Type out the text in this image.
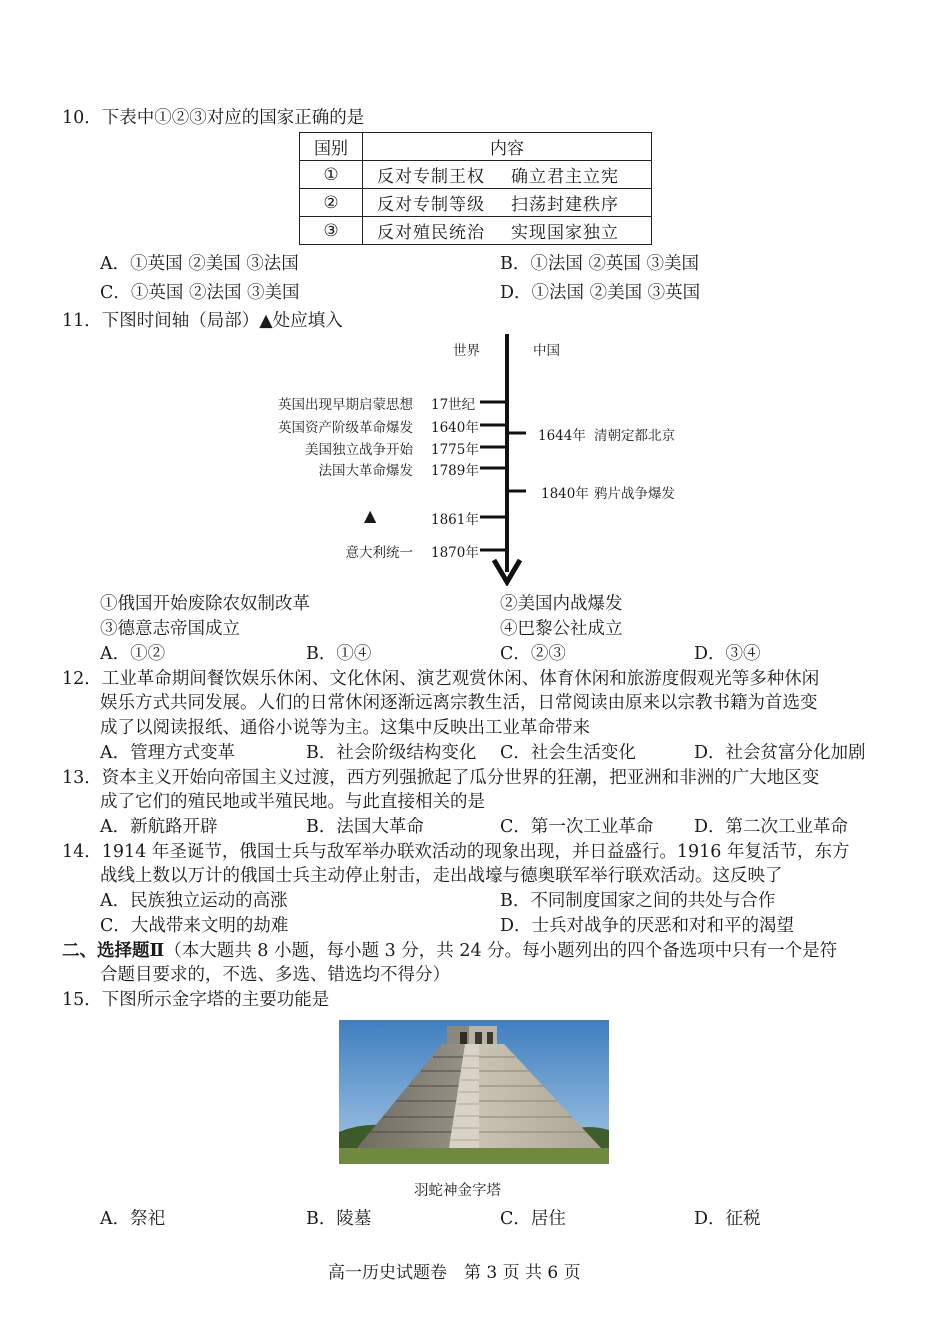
10．下表中①②③对应的国家正确的是
国别	内容
①	反对专制王权 确立君主立宪
②	反对专制等级 扫荡封建秩序
③	反对殖民统治 实现国家独立
A．①英国 ②美国 ③法国	B．①法国 ②英国 ③美国
C．①英国 ②法国 ③美国	D．①法国 ②美国 ③英国
11．下图时间轴（局部）▲处应填入
世界	中国
英国出现早期启蒙思想 17世纪
英国资产阶级革命爆发 1640年
美国独立战争开始 1775年
法国大革命爆发 1789年
▲	1861年
意大利统一 1870年
1644年 清朝定都北京
1840年 鸦片战争爆发
①俄国开始废除农奴制改革	②美国内战爆发
③德意志帝国成立	④巴黎公社成立
A．①②	B．①④	C．②③	D．③④
12．工业革命期间餐饮娱乐休闲、文化休闲、演艺观赏休闲、体育休闲和旅游度假观光等多种休闲
娱乐方式共同发展。人们的日常休闲逐渐远离宗教生活，日常阅读由原来以宗教书籍为首选变
成了以阅读报纸、通俗小说等为主。这集中反映出工业革命带来
A．管理方式变革	B．社会阶级结构变化 C．社会生活变化	D．社会贫富分化加剧
13．资本主义开始向帝国主义过渡，西方列强掀起了瓜分世界的狂潮，把亚洲和非洲的广大地区变
成了它们的殖民地或半殖民地。与此直接相关的是
A．新航路开辟	B．法国大革命	C．第一次工业革命 D．第二次工业革命
14．1914 年圣诞节，俄国士兵与敌军举办联欢活动的现象出现，并日益盛行。1916 年复活节，东方
战线上数以万计的俄国士兵主动停止射击，走出战壕与德奥联军举行联欢活动。这反映了
A．民族独立运动的高涨	B．不同制度国家之间的共处与合作
C．大战带来文明的劫难	D．士兵对战争的厌恶和对和平的渴望
二、选择题Ⅱ（本大题共 8 小题，每小题 3 分，共 24 分。每小题列出的四个备选项中只有一个是符
合题目要求的，不选、多选、错选均不得分）
15．下图所示金字塔的主要功能是
羽蛇神金字塔
A．祭祀	B．陵墓	C．居住	D．征税
高一历史试题卷　第 3 页 共 6 页
